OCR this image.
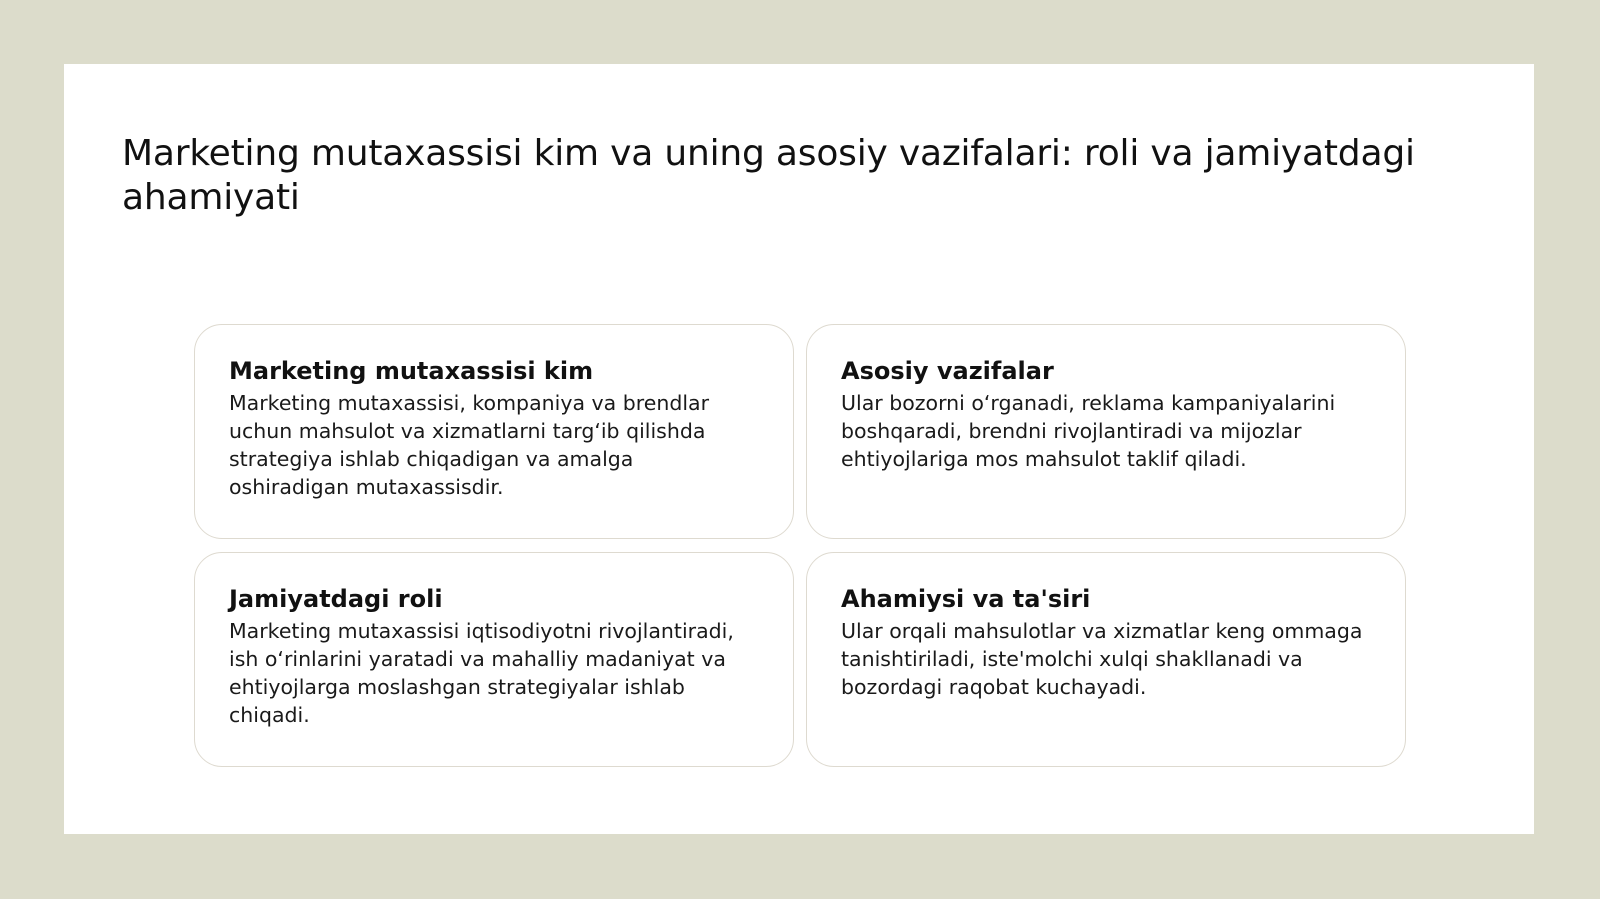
Marketing mutaxassisi kim va uning asosiy vazifalari: roli va jamiyatdagi ahamiyati
Marketing mutaxassisi kim

Marketing mutaxassisi, kompaniya va brendlar uchun mahsulot va xizmatlarni targ‘ib qilishda strategiya ishlab chiqadigan va amalga oshiradigan mutaxassisdir.

Asosiy vazifalar

Ular bozorni o‘rganadi, reklama kampaniyalarini boshqaradi, brendni rivojlantiradi va mijozlar ehtiyojlariga mos mahsulot taklif qiladi.

Jamiyatdagi roli

Marketing mutaxassisi iqtisodiyotni rivojlantiradi, ish o‘rinlarini yaratadi va mahalliy madaniyat va ehtiyojlarga moslashgan strategiyalar ishlab chiqadi.

Ahamiysi va ta'siri

Ular orqali mahsulotlar va xizmatlar keng ommaga tanishtiriladi, iste'molchi xulqi shakllanadi va bozordagi raqobat kuchayadi.
